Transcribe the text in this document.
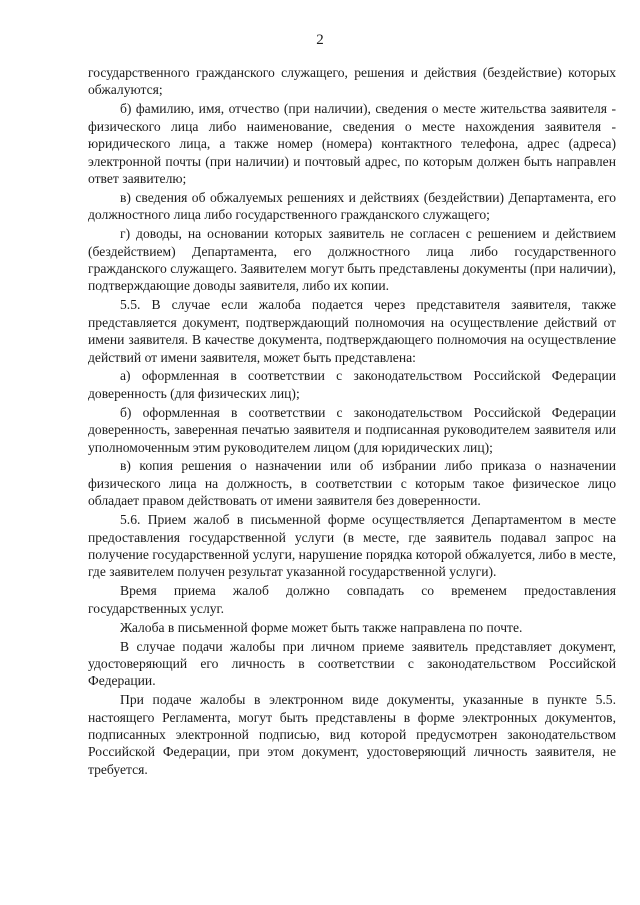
2

государственного гражданского служащего, решения и действия (бездействие) которых обжалуются;

б) фамилию, имя, отчество (при наличии), сведения о месте жительства заявителя - физического лица либо наименование, сведения о месте нахождения заявителя - юридического лица, а также номер (номера) контактного телефона, адрес (адреса) электронной почты (при наличии) и почтовый адрес, по которым должен быть направлен ответ заявителю;

в) сведения об обжалуемых решениях и действиях (бездействии) Департамента, его должностного лица либо государственного гражданского служащего;

г) доводы, на основании которых заявитель не согласен с решением и действием (бездействием) Департамента, его должностного лица либо государственного гражданского служащего. Заявителем могут быть представлены документы (при наличии), подтверждающие доводы заявителя, либо их копии.

5.5. В случае если жалоба подается через представителя заявителя, также представляется документ, подтверждающий полномочия на осуществление действий от имени заявителя. В качестве документа, подтверждающего полномочия на осуществление действий от имени заявителя, может быть представлена:

а) оформленная в соответствии с законодательством Российской Федерации доверенность (для физических лиц);

б) оформленная в соответствии с законодательством Российской Федерации доверенность, заверенная печатью заявителя и подписанная руководителем заявителя или уполномоченным этим руководителем лицом (для юридических лиц);

в) копия решения о назначении или об избрании либо приказа о назначении физического лица на должность, в соответствии с которым такое физическое лицо обладает правом действовать от имени заявителя без доверенности.

5.6. Прием жалоб в письменной форме осуществляется Департаментом в месте предоставления государственной услуги (в месте, где заявитель подавал запрос на получение государственной услуги, нарушение порядка которой обжалуется, либо в месте, где заявителем получен результат указанной государственной услуги).

Время приема жалоб должно совпадать со временем предоставления государственных услуг.

Жалоба в письменной форме может быть также направлена по почте.

В случае подачи жалобы при личном приеме заявитель представляет документ, удостоверяющий его личность в соответствии с законодательством Российской Федерации.

При подаче жалобы в электронном виде документы, указанные в пункте 5.5. настоящего Регламента, могут быть представлены в форме электронных документов, подписанных электронной подписью, вид которой предусмотрен законодательством Российской Федерации, при этом документ, удостоверяющий личность заявителя, не требуется.
